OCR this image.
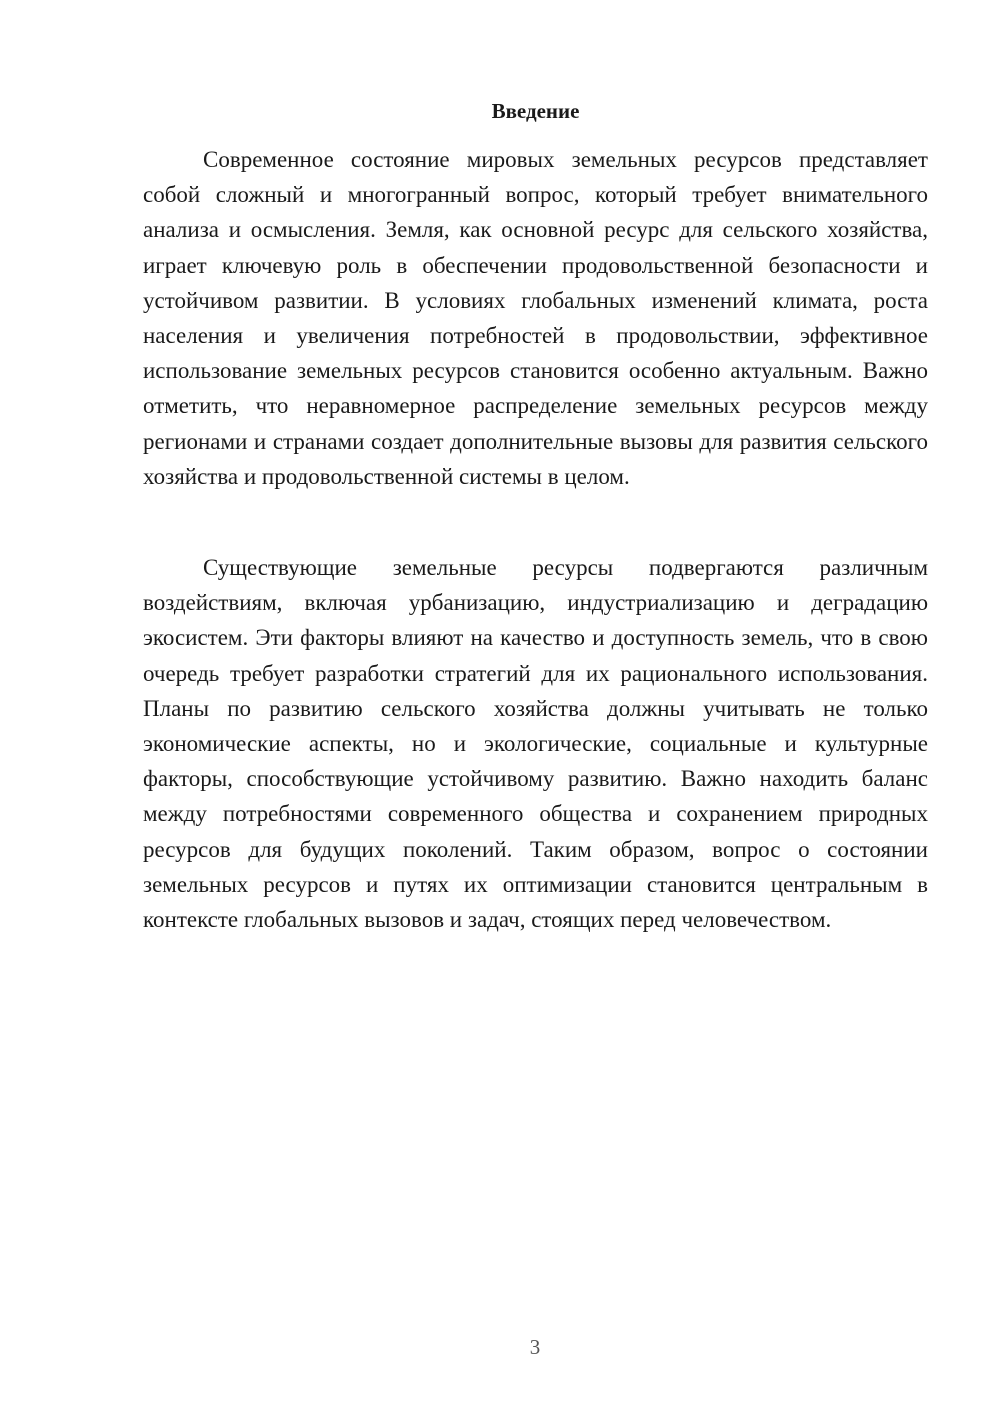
Введение

Современное состояние мировых земельных ресурсов представляет собой сложный и многогранный вопрос, который требует внимательного анализа и осмысления. Земля, как основной ресурс для сельского хозяйства, играет ключевую роль в обеспечении продовольственной безопасности и устойчивом развитии. В условиях глобальных изменений климата, роста населения и увеличения потребностей в продовольствии, эффективное использование земельных ресурсов становится особенно актуальным. Важно отметить, что неравномерное распределение земельных ресурсов между регионами и странами создает дополнительные вызовы для развития сельского хозяйства и продовольственной системы в целом.

Существующие земельные ресурсы подвергаются различным воздействиям, включая урбанизацию, индустриализацию и деградацию экосистем. Эти факторы влияют на качество и доступность земель, что в свою очередь требует разработки стратегий для их рационального использования. Планы по развитию сельского хозяйства должны учитывать не только экономические аспекты, но и экологические, социальные и культурные факторы, способствующие устойчивому развитию. Важно находить баланс между потребностями современного общества и сохранением природных ресурсов для будущих поколений. Таким образом, вопрос о состоянии земельных ресурсов и путях их оптимизации становится центральным в контексте глобальных вызовов и задач, стоящих перед человечеством.

3
